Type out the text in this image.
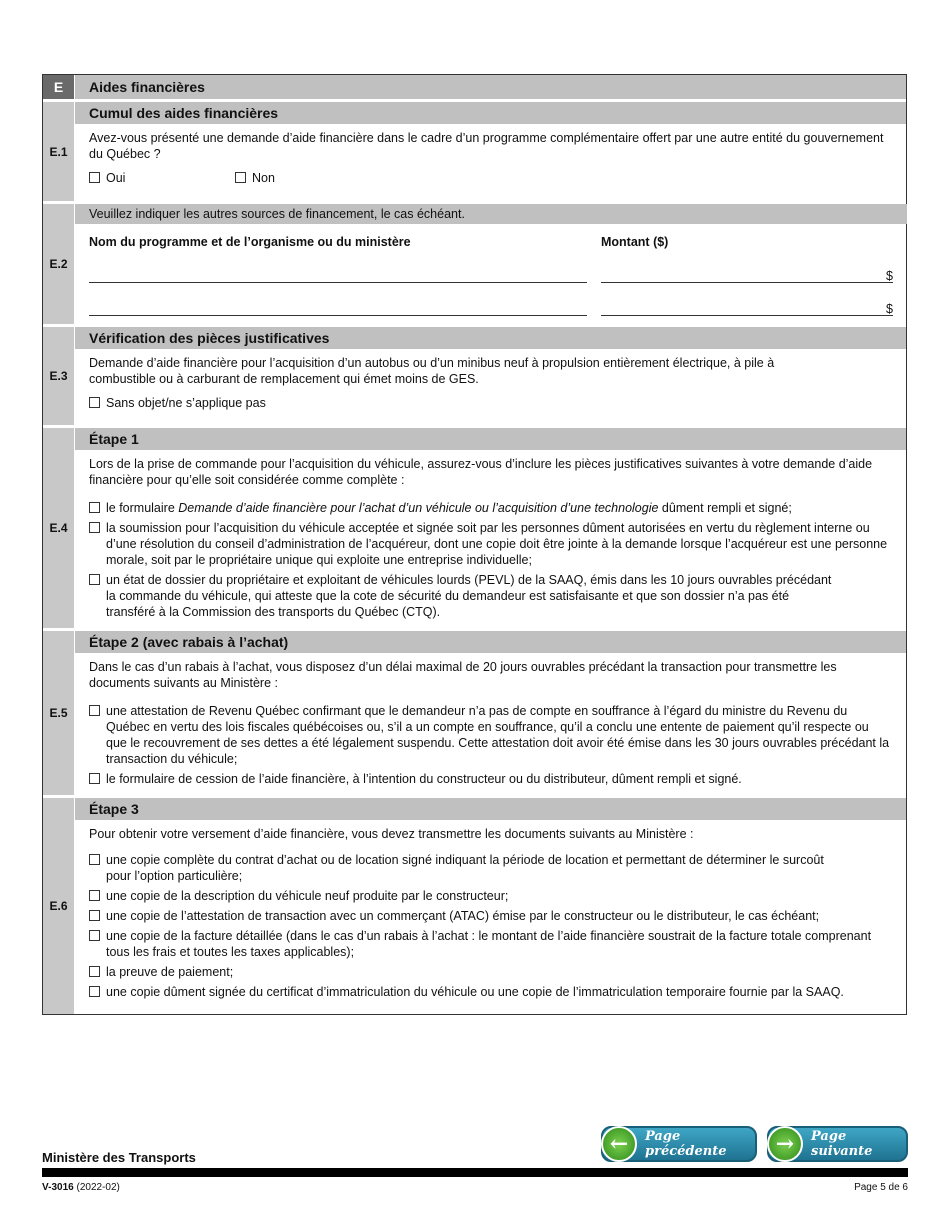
E	Aides financières
E.1
Cumul des aides financières
Avez-vous présenté une demande d’aide financière dans le cadre d’un programme complémentaire offert par une autre entité du gouvernement du Québec ?
Oui	Non
E.2
Veuillez indiquer les autres sources de financement, le cas échéant.
Nom du programme et de l’organisme ou du ministère	Montant ($)
$
$
E.3
Vérification des pièces justificatives
Demande d’aide financière pour l’acquisition d’un autobus ou d’un minibus neuf à propulsion entièrement électrique, à pile à combustible ou à carburant de remplacement qui émet moins de GES.
Sans objet/ne s’applique pas
E.4
Étape 1
Lors de la prise de commande pour l’acquisition du véhicule, assurez-vous d’inclure les pièces justificatives suivantes à votre demande d’aide financière pour qu’elle soit considérée comme complète :
le formulaire Demande d’aide financière pour l’achat d’un véhicule ou l’acquisition d’une technologie dûment rempli et signé;
la soumission pour l’acquisition du véhicule acceptée et signée soit par les personnes dûment autorisées en vertu du règlement interne ou d’une résolution du conseil d’administration de l’acquéreur, dont une copie doit être jointe à la demande lorsque l’acquéreur est une personne morale, soit par le propriétaire unique qui exploite une entreprise individuelle;
un état de dossier du propriétaire et exploitant de véhicules lourds (PEVL) de la SAAQ, émis dans les 10 jours ouvrables précédant la commande du véhicule, qui atteste que la cote de sécurité du demandeur est satisfaisante et que son dossier n’a pas été transféré à la Commission des transports du Québec (CTQ).
E.5
Étape 2 (avec rabais à l’achat)
Dans le cas d’un rabais à l’achat, vous disposez d’un délai maximal de 20 jours ouvrables précédant la transaction pour transmettre les documents suivants au Ministère :
une attestation de Revenu Québec confirmant que le demandeur n’a pas de compte en souffrance à l’égard du ministre du Revenu du Québec en vertu des lois fiscales québécoises ou, s’il a un compte en souffrance, qu’il a conclu une entente de paiement qu’il respecte ou que le recouvrement de ses dettes a été légalement suspendu. Cette attestation doit avoir été émise dans les 30 jours ouvrables précédant la transaction du véhicule;
le formulaire de cession de l’aide financière, à l’intention du constructeur ou du distributeur, dûment rempli et signé.
E.6
Étape 3
Pour obtenir votre versement d’aide financière, vous devez transmettre les documents suivants au Ministère :
une copie complète du contrat d’achat ou de location signé indiquant la période de location et permettant de déterminer le surcoût pour l’option particulière;
une copie de la description du véhicule neuf produite par le constructeur;
une copie de l’attestation de transaction avec un commerçant (ATAC) émise par le constructeur ou le distributeur, le cas échéant;
une copie de la facture détaillée (dans le cas d’un rabais à l’achat : le montant de l’aide financière soustrait de la facture totale comprenant tous les frais et toutes les taxes applicables);
la preuve de paiement;
une copie dûment signée du certificat d’immatriculation du véhicule ou une copie de l’immatriculation temporaire fournie par la SAAQ.
←	Page précédente	→	Page suivante
Ministère des Transports
V-3016 (2022-02)	Page 5 de 6
